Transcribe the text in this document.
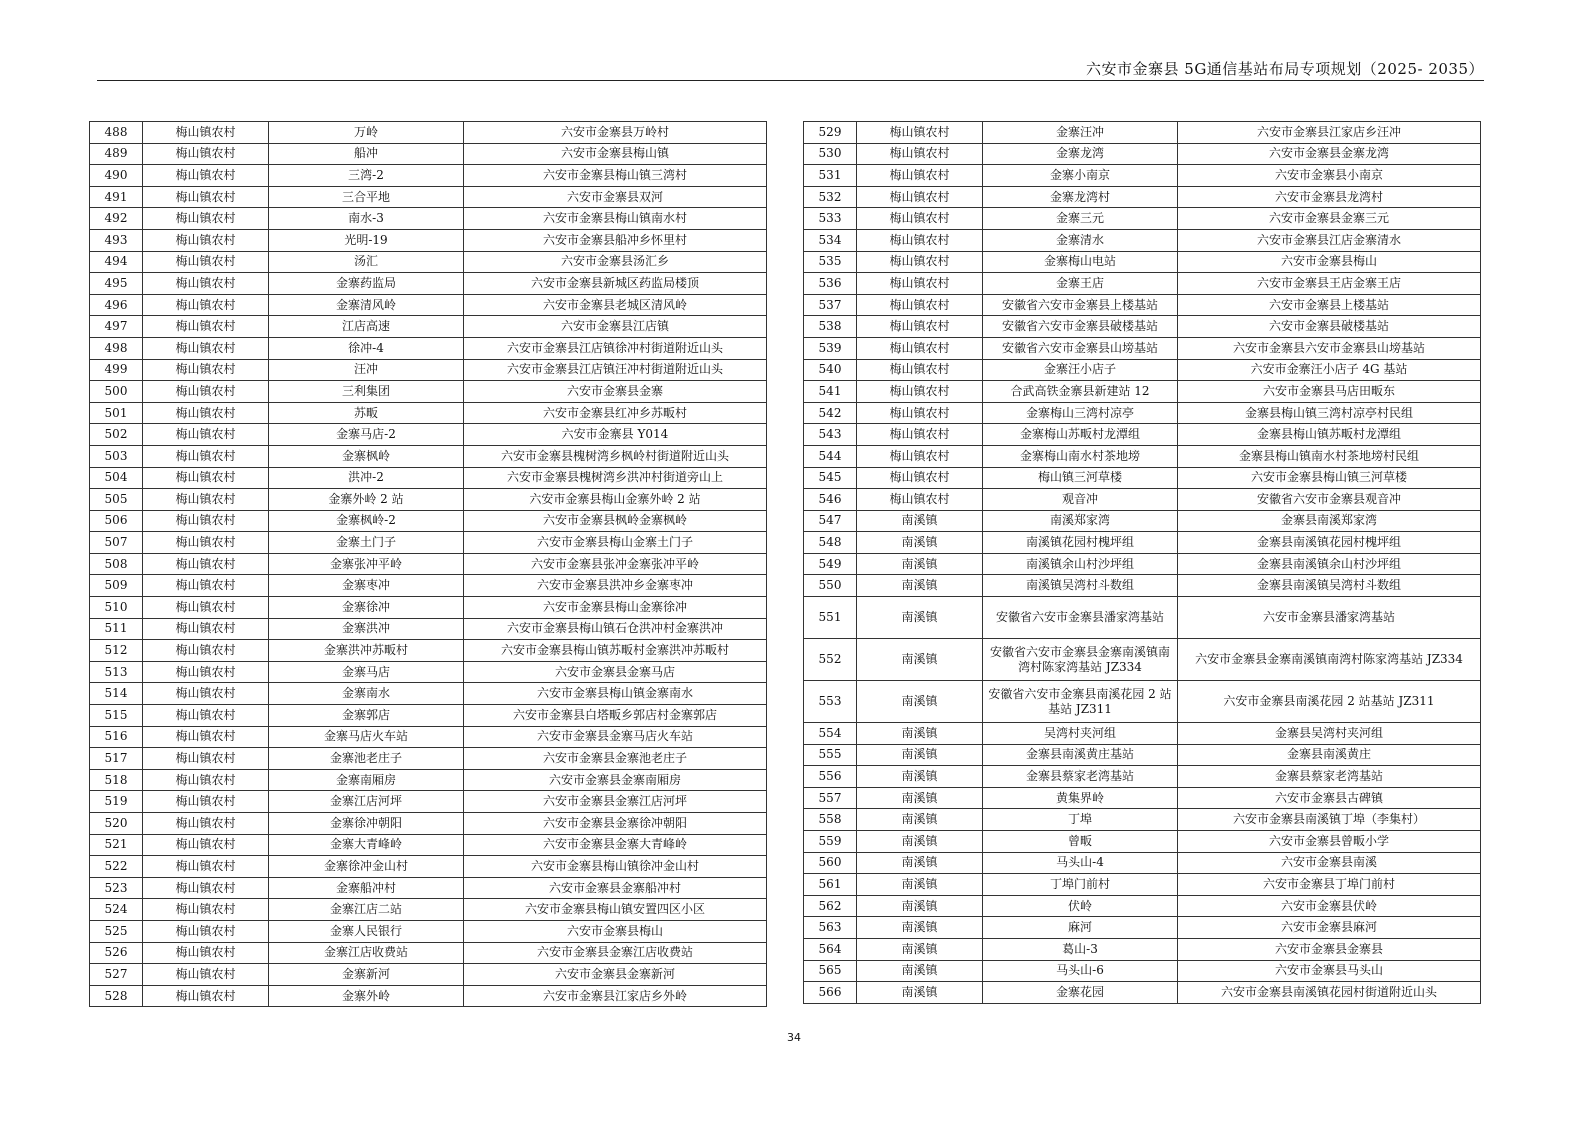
六安市金寨县 5G通信基站布局专项规划（2025- 2035）
488	梅山镇农村	万岭	六安市金寨县万岭村
489	梅山镇农村	船冲	六安市金寨县梅山镇
490	梅山镇农村	三湾-2	六安市金寨县梅山镇三湾村
491	梅山镇农村	三合平地	六安市金寨县双河
492	梅山镇农村	南水-3	六安市金寨县梅山镇南水村
493	梅山镇农村	光明-19	六安市金寨县船冲乡怀里村
494	梅山镇农村	汤汇	六安市金寨县汤汇乡
495	梅山镇农村	金寨药监局	六安市金寨县新城区药监局楼顶
496	梅山镇农村	金寨清风岭	六安市金寨县老城区清风岭
497	梅山镇农村	江店高速	六安市金寨县江店镇
498	梅山镇农村	徐冲-4	六安市金寨县江店镇徐冲村街道附近山头
499	梅山镇农村	汪冲	六安市金寨县江店镇汪冲村街道附近山头
500	梅山镇农村	三利集团	六安市金寨县金寨
501	梅山镇农村	苏畈	六安市金寨县红冲乡苏畈村
502	梅山镇农村	金寨马店-2	六安市金寨县 Y014
503	梅山镇农村	金寨枫岭	六安市金寨县槐树湾乡枫岭村街道附近山头
504	梅山镇农村	洪冲-2	六安市金寨县槐树湾乡洪冲村街道旁山上
505	梅山镇农村	金寨外岭 2 站	六安市金寨县梅山金寨外岭 2 站
506	梅山镇农村	金寨枫岭-2	六安市金寨县枫岭金寨枫岭
507	梅山镇农村	金寨土门子	六安市金寨县梅山金寨土门子
508	梅山镇农村	金寨张冲平岭	六安市金寨县张冲金寨张冲平岭
509	梅山镇农村	金寨枣冲	六安市金寨县洪冲乡金寨枣冲
510	梅山镇农村	金寨徐冲	六安市金寨县梅山金寨徐冲
511	梅山镇农村	金寨洪冲	六安市金寨县梅山镇石仓洪冲村金寨洪冲
512	梅山镇农村	金寨洪冲苏畈村	六安市金寨县梅山镇苏畈村金寨洪冲苏畈村
513	梅山镇农村	金寨马店	六安市金寨县金寨马店
514	梅山镇农村	金寨南水	六安市金寨县梅山镇金寨南水
515	梅山镇农村	金寨郭店	六安市金寨县白塔畈乡郭店村金寨郭店
516	梅山镇农村	金寨马店火车站	六安市金寨县金寨马店火车站
517	梅山镇农村	金寨池老庄子	六安市金寨县金寨池老庄子
518	梅山镇农村	金寨南厢房	六安市金寨县金寨南厢房
519	梅山镇农村	金寨江店河坪	六安市金寨县金寨江店河坪
520	梅山镇农村	金寨徐冲朝阳	六安市金寨县金寨徐冲朝阳
521	梅山镇农村	金寨大青峰岭	六安市金寨县金寨大青峰岭
522	梅山镇农村	金寨徐冲金山村	六安市金寨县梅山镇徐冲金山村
523	梅山镇农村	金寨船冲村	六安市金寨县金寨船冲村
524	梅山镇农村	金寨江店二站	六安市金寨县梅山镇安置四区小区
525	梅山镇农村	金寨人民银行	六安市金寨县梅山
526	梅山镇农村	金寨江店收费站	六安市金寨县金寨江店收费站
527	梅山镇农村	金寨新河	六安市金寨县金寨新河
528	梅山镇农村	金寨外岭	六安市金寨县江家店乡外岭
529	梅山镇农村	金寨汪冲	六安市金寨县江家店乡汪冲
530	梅山镇农村	金寨龙湾	六安市金寨县金寨龙湾
531	梅山镇农村	金寨小南京	六安市金寨县小南京
532	梅山镇农村	金寨龙湾村	六安市金寨县龙湾村
533	梅山镇农村	金寨三元	六安市金寨县金寨三元
534	梅山镇农村	金寨清水	六安市金寨县江店金寨清水
535	梅山镇农村	金寨梅山电站	六安市金寨县梅山
536	梅山镇农村	金寨王店	六安市金寨县王店金寨王店
537	梅山镇农村	安徽省六安市金寨县上楼基站	六安市金寨县上楼基站
538	梅山镇农村	安徽省六安市金寨县破楼基站	六安市金寨县破楼基站
539	梅山镇农村	安徽省六安市金寨县山塝基站	六安市金寨县六安市金寨县山塝基站
540	梅山镇农村	金寨汪小店子	六安市金寨汪小店子 4G 基站
541	梅山镇农村	合武高铁金寨县新建站 12	六安市金寨县马店田畈东
542	梅山镇农村	金寨梅山三湾村凉亭	金寨县梅山镇三湾村凉亭村民组
543	梅山镇农村	金寨梅山苏畈村龙潭组	金寨县梅山镇苏畈村龙潭组
544	梅山镇农村	金寨梅山南水村茶地塝	金寨县梅山镇南水村茶地塝村民组
545	梅山镇农村	梅山镇三河草楼	六安市金寨县梅山镇三河草楼
546	梅山镇农村	观音冲	安徽省六安市金寨县观音冲
547	南溪镇	南溪郑家湾	金寨县南溪郑家湾
548	南溪镇	南溪镇花园村槐坪组	金寨县南溪镇花园村槐坪组
549	南溪镇	南溪镇余山村沙坪组	金寨县南溪镇余山村沙坪组
550	南溪镇	南溪镇吴湾村斗数组	金寨县南溪镇吴湾村斗数组
551	南溪镇	安徽省六安市金寨县潘家湾基站	六安市金寨县潘家湾基站
552	南溪镇	安徽省六安市金寨县金寨南溪镇南湾村陈家湾基站 JZ334	六安市金寨县金寨南溪镇南湾村陈家湾基站 JZ334
553	南溪镇	安徽省六安市金寨县南溪花园 2 站基站 JZ311	六安市金寨县南溪花园 2 站基站 JZ311
554	南溪镇	吴湾村夹河组	金寨县吴湾村夹河组
555	南溪镇	金寨县南溪黄庄基站	金寨县南溪黄庄
556	南溪镇	金寨县蔡家老湾基站	金寨县蔡家老湾基站
557	南溪镇	黄集界岭	六安市金寨县古碑镇
558	南溪镇	丁埠	六安市金寨县南溪镇丁埠（李集村）
559	南溪镇	曾畈	六安市金寨县曾畈小学
560	南溪镇	马头山-4	六安市金寨县南溪
561	南溪镇	丁埠门前村	六安市金寨县丁埠门前村
562	南溪镇	伏岭	六安市金寨县伏岭
563	南溪镇	麻河	六安市金寨县麻河
564	南溪镇	葛山-3	六安市金寨县金寨县
565	南溪镇	马头山-6	六安市金寨县马头山
566	南溪镇	金寨花园	六安市金寨县南溪镇花园村街道附近山头
34
